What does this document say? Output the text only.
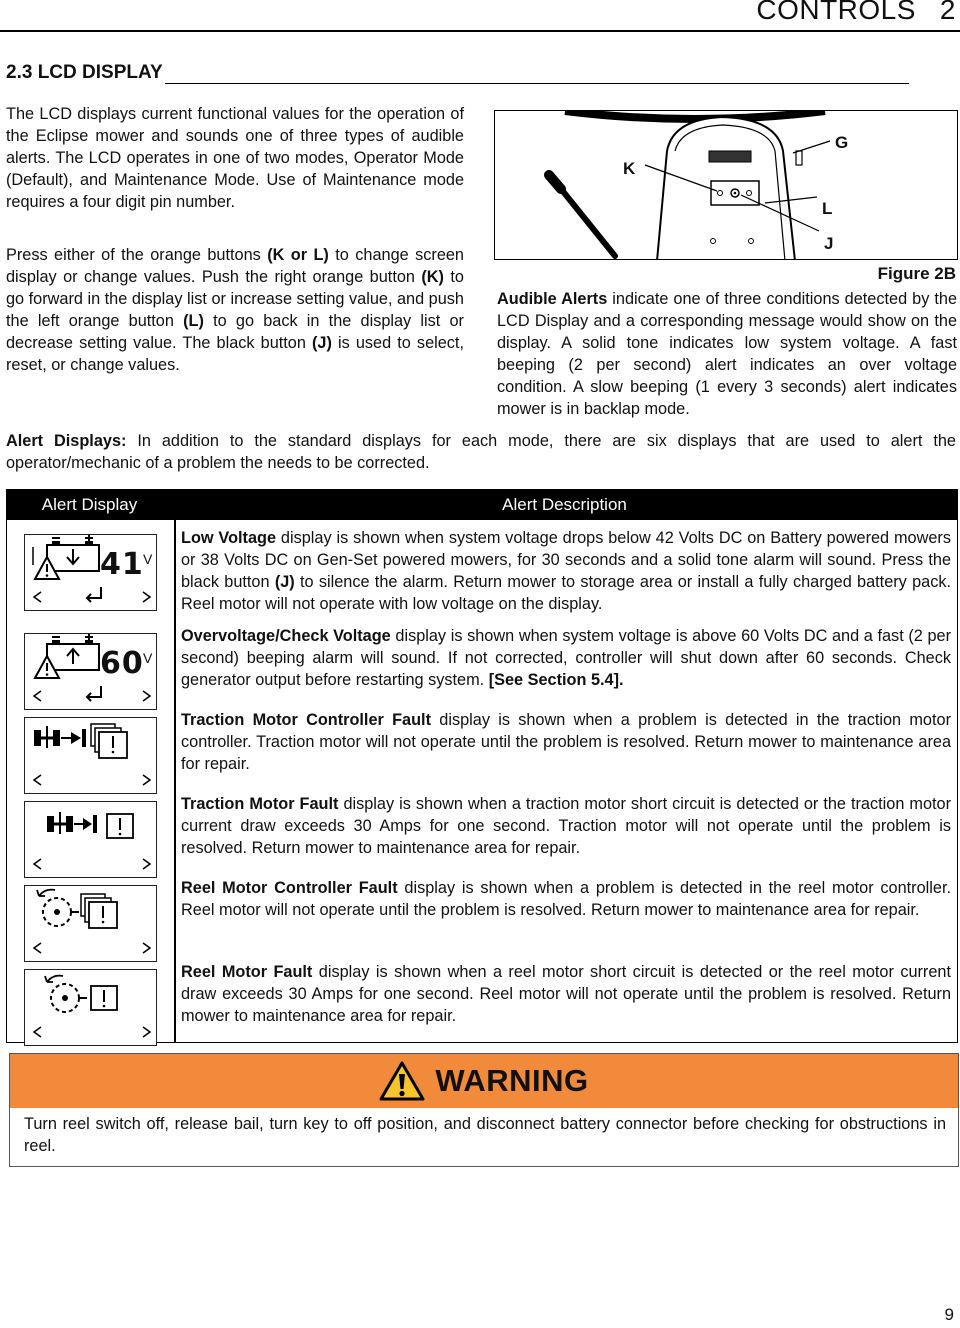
CONTROLS 2
2.3 LCD DISPLAY

The LCD displays current functional values for the operation of the Eclipse mower and sounds one of three types of audible alerts. The LCD operates in one of two modes, Operator Mode (Default), and Maintenance Mode. Use of Maintenance mode requires a four digit pin number.

Press either of the orange buttons (K or L) to change screen display or change values. Push the right orange button (K) to go forward in the display list or increase setting value, and push the left orange button (L) to go back in the display list or decrease setting value. The black button (J) is used to select, reset, or change values.

K
G
L
J
Figure 2B

Audible Alerts indicate one of three conditions detected by the LCD Display and a corresponding message would show on the display. A solid tone indicates low system voltage. A fast beeping (2 per second) alert indicates an over voltage condition. A slow beeping (1 every 3 seconds) alert indicates mower is in backlap mode.

Alert Displays: In addition to the standard displays for each mode, there are six displays that are used to alert the operator/mechanic of a problem the needs to be corrected.

Alert Display	Alert Description
41 V

Low Voltage display is shown when system voltage drops below 42 Volts DC on Battery powered mowers or 38 Volts DC on Gen-Set powered mowers, for 30 seconds and a solid tone alarm will sound. Press the black button (J) to silence the alarm. Return mower to storage area or install a fully charged battery pack. Reel motor will not operate with low voltage on the display.

60 V

Overvoltage/Check Voltage display is shown when system voltage is above 60 Volts DC and a fast (2 per second) beeping alarm will sound. If not corrected, controller will shut down after 60 seconds. Check generator output before restarting system. [See Section 5.4].

Traction Motor Controller Fault display is shown when a problem is detected in the traction motor controller. Traction motor will not operate until the problem is resolved. Return mower to maintenance area for repair.

Traction Motor Fault display is shown when a traction motor short circuit is detected or the traction motor current draw exceeds 30 Amps for one second. Traction motor will not operate until the problem is resolved. Return mower to maintenance area for repair.

Reel Motor Controller Fault display is shown when a problem is detected in the reel motor controller. Reel motor will not operate until the problem is resolved. Return mower to maintenance area for repair.

Reel Motor Fault display is shown when a reel motor short circuit is detected or the reel motor current draw exceeds 30 Amps for one second. Reel motor will not operate until the problem is resolved. Return mower to maintenance area for repair.

WARNING

Turn reel switch off, release bail, turn key to off position, and disconnect battery connector before checking for obstructions in reel.

9
